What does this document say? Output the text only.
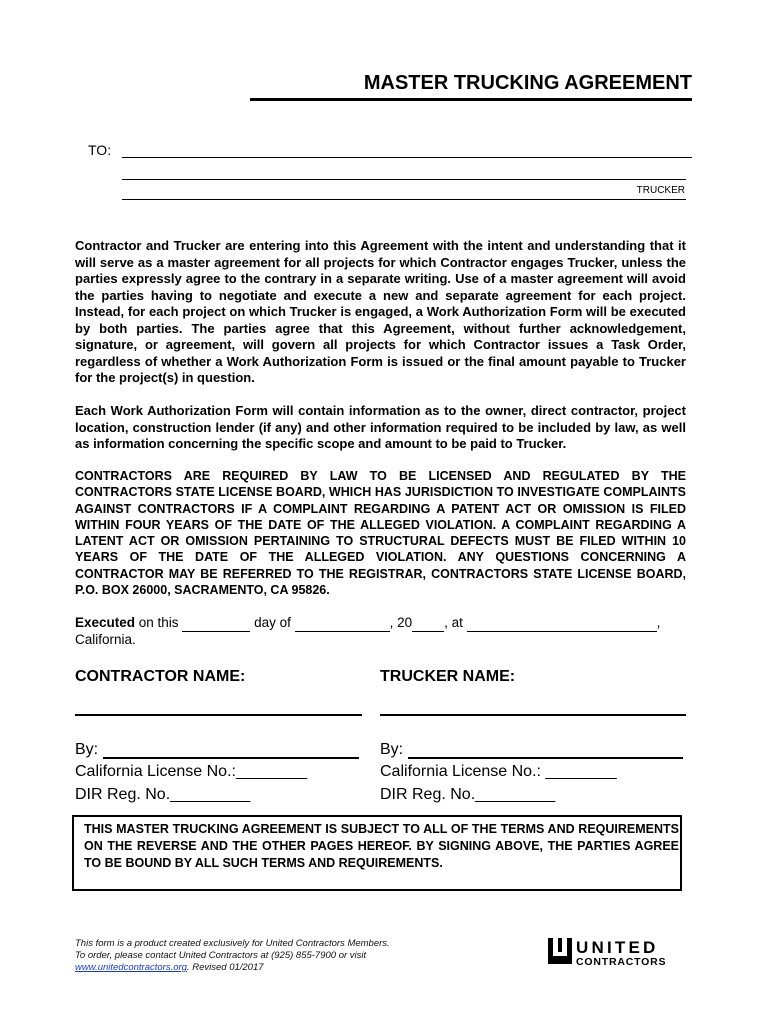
MASTER TRUCKING AGREEMENT
TO:
TRUCKER
Contractor and Trucker are entering into this Agreement with the intent and understanding that it will serve as a master agreement for all projects for which Contractor engages Trucker, unless the parties expressly agree to the contrary in a separate writing. Use of a master agreement will avoid the parties having to negotiate and execute a new and separate agreement for each project. Instead, for each project on which Trucker is engaged, a Work Authorization Form will be executed by both parties. The parties agree that this Agreement, without further acknowledgement, signature, or agreement, will govern all projects for which Contractor issues a Task Order, regardless of whether a Work Authorization Form is issued or the final amount payable to Trucker for the project(s) in question.
Each Work Authorization Form will contain information as to the owner, direct contractor, project location, construction lender (if any) and other information required to be included by law, as well as information concerning the specific scope and amount to be paid to Trucker.
CONTRACTORS ARE REQUIRED BY LAW TO BE LICENSED AND REGULATED BY THE CONTRACTORS STATE LICENSE BOARD, WHICH HAS JURISDICTION TO INVESTIGATE COMPLAINTS AGAINST CONTRACTORS IF A COMPLAINT REGARDING A PATENT ACT OR OMISSION IS FILED WITHIN FOUR YEARS OF THE DATE OF THE ALLEGED VIOLATION. A COMPLAINT REGARDING A LATENT ACT OR OMISSION PERTAINING TO STRUCTURAL DEFECTS MUST BE FILED WITHIN 10 YEARS OF THE DATE OF THE ALLEGED VIOLATION. ANY QUESTIONS CONCERNING A CONTRACTOR MAY BE REFERRED TO THE REGISTRAR, CONTRACTORS STATE LICENSE BOARD, P.O. BOX 26000, SACRAMENTO, CA 95826.
Executed on this	day of	, 20 , at	,
California.
CONTRACTOR NAME:	TRUCKER NAME:
By:	By:
California License No.:________	California License No.: ________
DIR Reg. No._________	DIR Reg. No._________
THIS MASTER TRUCKING AGREEMENT IS SUBJECT TO ALL OF THE TERMS AND REQUIREMENTS ON THE REVERSE AND THE OTHER PAGES HEREOF. BY SIGNING ABOVE, THE PARTIES AGREE TO BE BOUND BY ALL SUCH TERMS AND REQUIREMENTS.
This form is a product created exclusively for United Contractors Members.
To order, please contact United Contractors at (925) 855-7900 or visit
www.unitedcontractors.org. Revised 01/2017
UNITED
CONTRACTORS
